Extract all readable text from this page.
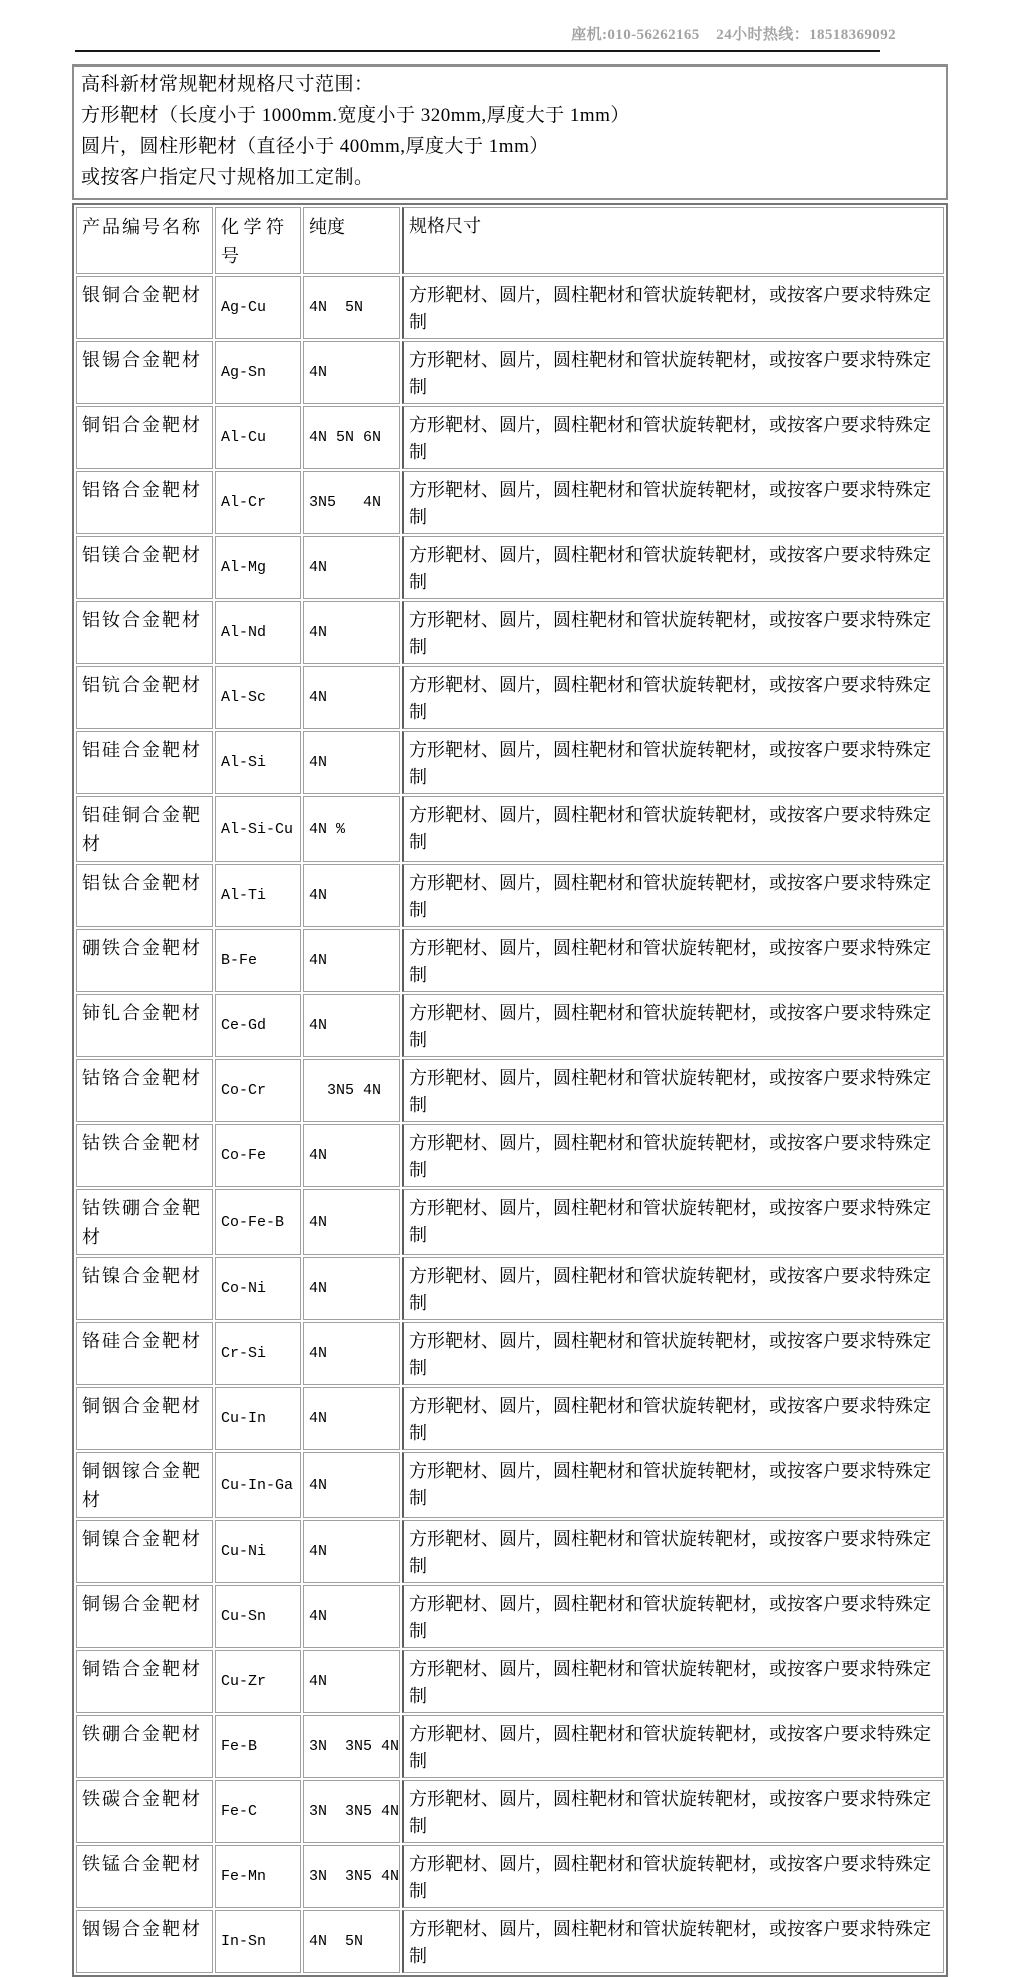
座机:010-56262165    24小时热线：18518369092

高科新材常规靶材规格尺寸范围：

方形靶材（长度小于 1000mm.宽度小于 320mm,厚度大于 1mm）

圆片，圆柱形靶材（直径小于 400mm,厚度大于 1mm）

或按客户指定尺寸规格加工定制。

产品编号名称	化 学 符号	纯度	规格尺寸
银铜合金靶材	Ag-Cu	4N  5N	方形靶材、圆片，圆柱靶材和管状旋转靶材，或按客户要求特殊定制
银锡合金靶材	Ag-Sn	4N	方形靶材、圆片，圆柱靶材和管状旋转靶材，或按客户要求特殊定制
铜铝合金靶材	Al-Cu	4N 5N 6N	方形靶材、圆片，圆柱靶材和管状旋转靶材，或按客户要求特殊定制
铝铬合金靶材	Al-Cr	3N5   4N	方形靶材、圆片，圆柱靶材和管状旋转靶材，或按客户要求特殊定制
铝镁合金靶材	Al-Mg	4N	方形靶材、圆片，圆柱靶材和管状旋转靶材，或按客户要求特殊定制
铝钕合金靶材	Al-Nd	4N	方形靶材、圆片，圆柱靶材和管状旋转靶材，或按客户要求特殊定制
铝钪合金靶材	Al-Sc	4N	方形靶材、圆片，圆柱靶材和管状旋转靶材，或按客户要求特殊定制
铝硅合金靶材	Al-Si	4N	方形靶材、圆片，圆柱靶材和管状旋转靶材，或按客户要求特殊定制
铝硅铜合金靶材	Al-Si-Cu	4N %	方形靶材、圆片，圆柱靶材和管状旋转靶材，或按客户要求特殊定制
铝钛合金靶材	Al-Ti	4N	方形靶材、圆片，圆柱靶材和管状旋转靶材，或按客户要求特殊定制
硼铁合金靶材	B-Fe	4N	方形靶材、圆片，圆柱靶材和管状旋转靶材，或按客户要求特殊定制
铈钆合金靶材	Ce-Gd	4N	方形靶材、圆片，圆柱靶材和管状旋转靶材，或按客户要求特殊定制
钴铬合金靶材	Co-Cr	3N5 4N	方形靶材、圆片，圆柱靶材和管状旋转靶材，或按客户要求特殊定制
钴铁合金靶材	Co-Fe	4N	方形靶材、圆片，圆柱靶材和管状旋转靶材，或按客户要求特殊定制
钴铁硼合金靶材	Co-Fe-B	4N	方形靶材、圆片，圆柱靶材和管状旋转靶材，或按客户要求特殊定制
钴镍合金靶材	Co-Ni	4N	方形靶材、圆片，圆柱靶材和管状旋转靶材，或按客户要求特殊定制
铬硅合金靶材	Cr-Si	4N	方形靶材、圆片，圆柱靶材和管状旋转靶材，或按客户要求特殊定制
铜铟合金靶材	Cu-In	4N	方形靶材、圆片，圆柱靶材和管状旋转靶材，或按客户要求特殊定制
铜铟镓合金靶材	Cu-In-Ga	4N	方形靶材、圆片，圆柱靶材和管状旋转靶材，或按客户要求特殊定制
铜镍合金靶材	Cu-Ni	4N	方形靶材、圆片，圆柱靶材和管状旋转靶材，或按客户要求特殊定制
铜锡合金靶材	Cu-Sn	4N	方形靶材、圆片，圆柱靶材和管状旋转靶材，或按客户要求特殊定制
铜锆合金靶材	Cu-Zr	4N	方形靶材、圆片，圆柱靶材和管状旋转靶材，或按客户要求特殊定制
铁硼合金靶材	Fe-B	3N  3N5 4N	方形靶材、圆片，圆柱靶材和管状旋转靶材，或按客户要求特殊定制
铁碳合金靶材	Fe-C	3N  3N5 4N	方形靶材、圆片，圆柱靶材和管状旋转靶材，或按客户要求特殊定制
铁锰合金靶材	Fe-Mn	3N  3N5 4N	方形靶材、圆片，圆柱靶材和管状旋转靶材，或按客户要求特殊定制
铟锡合金靶材	In-Sn	4N  5N	方形靶材、圆片，圆柱靶材和管状旋转靶材，或按客户要求特殊定制
